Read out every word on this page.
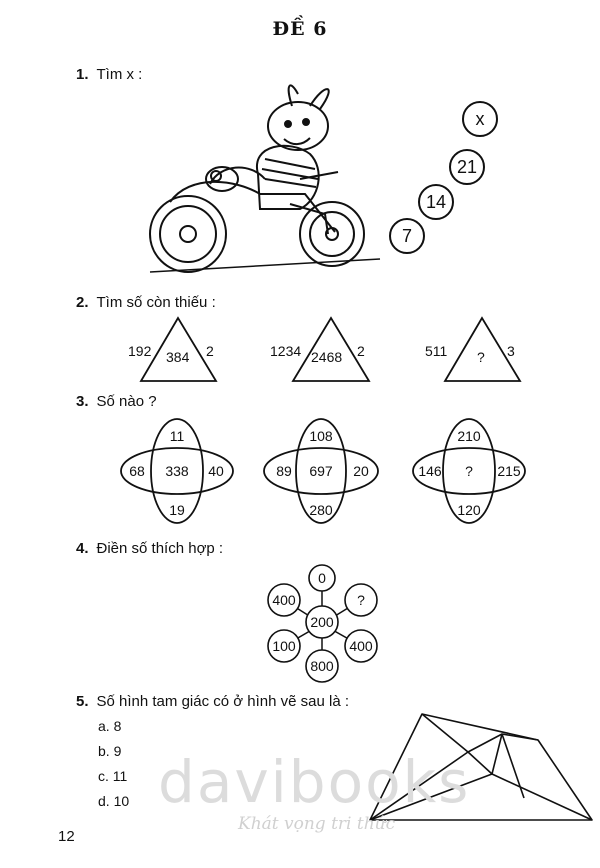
ĐỀ 6
1. Tìm x :
x
21
14
7
2. Tìm số còn thiếu :
192 384 2	1234 2468 2	511 ? 3
3. Số nào ?
11
68 338 40
19
108
89 697 20
280
210
146 ? 215
120
4. Điền số thích hợp :
0
?
400
800
100
400
200
5. Số hình tam giác có ở hình vẽ sau là :
a. 8
b. 9
c. 11
d. 10 davibooks
Khát vọng tri thức
12
